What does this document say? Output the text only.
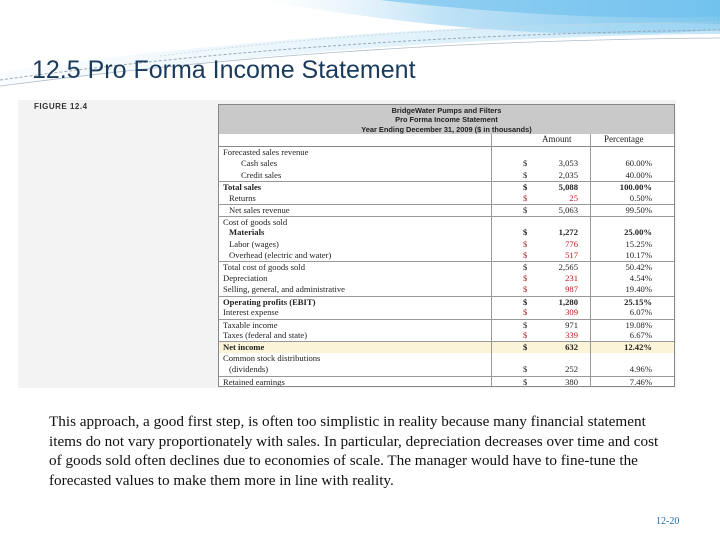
12.5 Pro Forma Income Statement
FIGURE 12.4	BridgeWater Pumps and Filters
Pro Forma Income Statement
Year Ending December 31, 2009 ($ in thousands)
Amount	Percentage
Forecasted sales revenue
Cash sales	$	3,053	60.00%
Credit sales	$	2,035	40.00%
Total sales	$	5,088	100.00%
Returns	$	25	0.50%
Net sales revenue	$	5,063	99.50%
Cost of goods sold
Materials	$	1,272	25.00%
Labor (wages)	$	776	15.25%
Overhead (electric and water)	$	517	10.17%
Total cost of goods sold	$	2,565	50.42%
Depreciation	$	231	4.54%
Selling, general, and administrative	$	987	19.40%
Operating profits (EBIT)	$	1,280	25.15%
Interest expense	$	309	6.07%
Taxable income	$	971	19.08%
Taxes (federal and state)	$	339	6.67%
Net income	$	632	12.42%
Common stock distributions
(dividends)	$	252	4.96%
Retained earnings	$	380	7.46%

This approach, a good first step, is often too simplistic in reality because many financial statement items do not vary proportionately with sales. In particular, depreciation decreases over time and cost of goods sold often declines due to economies of scale. The manager would have to fine-tune the forecasted values to make them more in line with reality.

12-20
